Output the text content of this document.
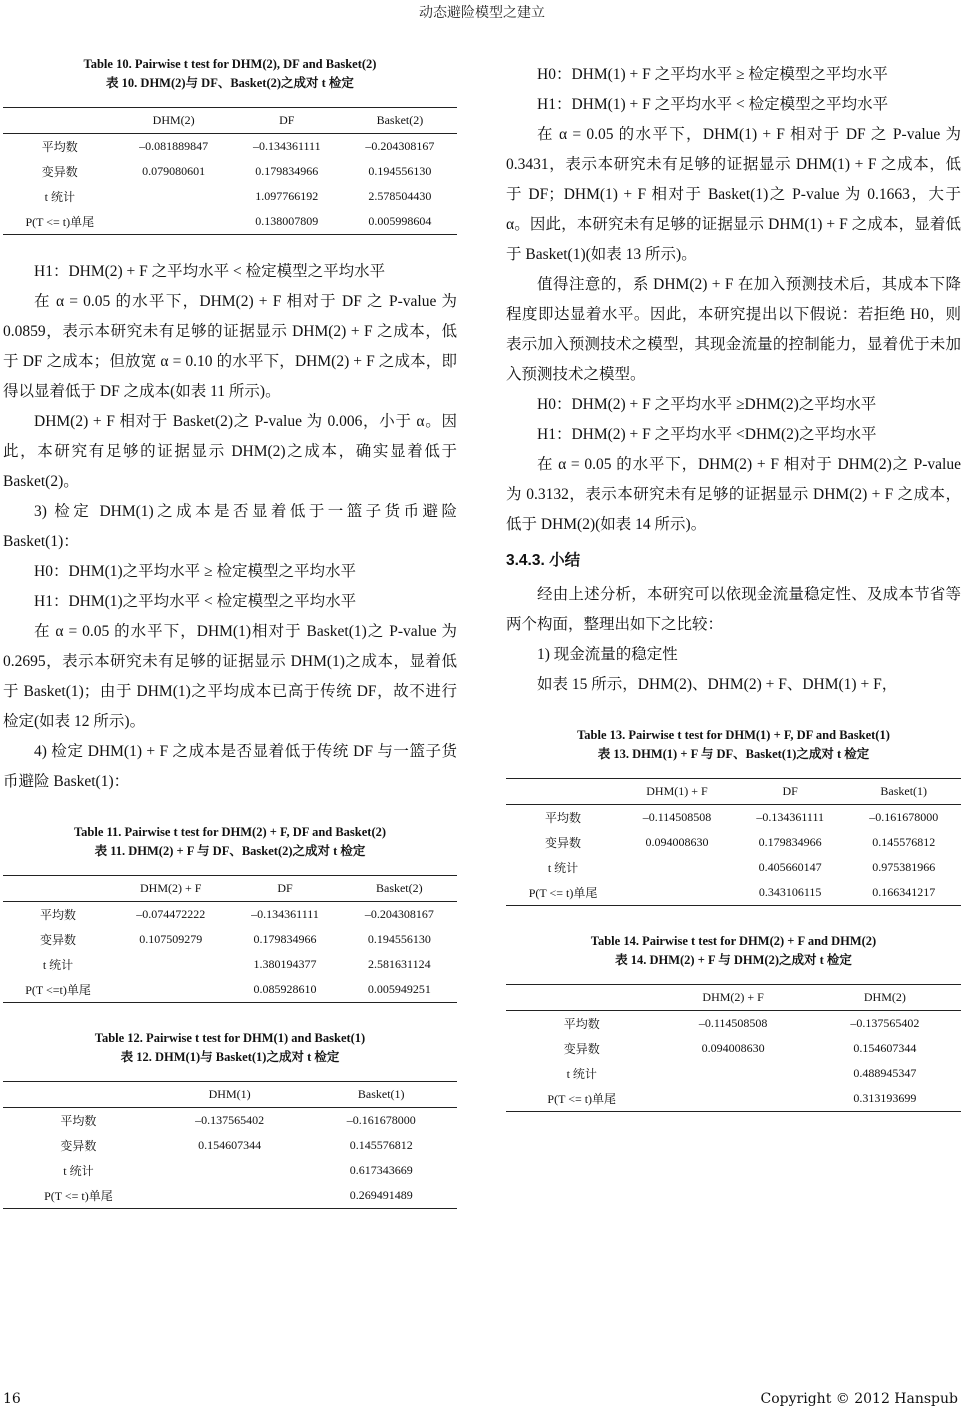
动态避险模型之建立
Table 10. Pairwise t test for DHM(2), DF and Basket(2)
表 10. DHM(2)与 DF、Basket(2)之成对 t 检定
	DHM(2)	DF	Basket(2)
平均数	–0.081889847	–0.134361111	–0.204308167
变异数	0.079080601	0.179834966	0.194556130
t 统计		1.097766192	2.578504430
P(T <= t)单尾		0.138007809	0.005998604

H1：DHM(2) + F 之平均水平 < 检定模型之平均水平

在 α = 0.05 的水平下，DHM(2) + F 相对于 DF 之 P-value 为 0.0859，表示本研究未有足够的证据显示 DHM(2) + F 之成本，低于 DF 之成本；但放宽 α = 0.10 的水平下，DHM(2) + F 之成本，即得以显着低于 DF 之成本(如表 11 所示)。

DHM(2) + F 相对于 Basket(2)之 P-value 为 0.006，小于 α。因此，本研究有足够的证据显示 DHM(2)之成本，确实显着低于 Basket(2)。

3) 检定 DHM(1)之成本是否显着低于一篮子货币避险 Basket(1)：

H0：DHM(1)之平均水平 ≥ 检定模型之平均水平

H1：DHM(1)之平均水平 < 检定模型之平均水平

在 α = 0.05 的水平下，DHM(1)相对于 Basket(1)之 P-value 为 0.2695，表示本研究未有足够的证据显示 DHM(1)之成本，显着低于 Basket(1)；由于 DHM(1)之平均成本已高于传统 DF，故不进行检定(如表 12 所示)。

4) 检定 DHM(1) + F 之成本是否显着低于传统 DF 与一篮子货币避险 Basket(1)：

Table 11. Pairwise t test for DHM(2) + F, DF and Basket(2)
表 11. DHM(2) + F 与 DF、Basket(2)之成对 t 检定
	DHM(2) + F	DF	Basket(2)
平均数	–0.074472222	–0.134361111	–0.204308167
变异数	0.107509279	0.179834966	0.194556130
t 统计		1.380194377	2.581631124
P(T <=t)单尾		0.085928610	0.005949251
Table 12. Pairwise t test for DHM(1) and Basket(1)
表 12. DHM(1)与 Basket(1)之成对 t 检定
	DHM(1)	Basket(1)
平均数	–0.137565402	–0.161678000
变异数	0.154607344	0.145576812
t 统计		0.617343669
P(T <= t)单尾		0.269491489

H0：DHM(1) + F 之平均水平 ≥ 检定模型之平均水平

H1：DHM(1) + F 之平均水平 < 检定模型之平均水平

在 α = 0.05 的水平下，DHM(1) + F 相对于 DF 之 P-value 为 0.3431，表示本研究未有足够的证据显示 DHM(1) + F 之成本，低于 DF；DHM(1) + F 相对于 Basket(1)之 P-value 为 0.1663，大于 α。因此，本研究未有足够的证据显示 DHM(1) + F 之成本，显着低于 Basket(1)(如表 13 所示)。

值得注意的，系 DHM(2) + F 在加入预测技术后，其成本下降程度即达显着水平。因此，本研究提出以下假说：若拒绝 H0，则表示加入预测技术之模型，其现金流量的控制能力，显着优于未加入预测技术之模型。

H0：DHM(2) + F 之平均水平 ≥DHM(2)之平均水平

H1：DHM(2) + F 之平均水平 <DHM(2)之平均水平

在 α = 0.05 的水平下，DHM(2) + F 相对于 DHM(2)之 P-value 为 0.3132，表示本研究未有足够的证据显示 DHM(2) + F 之成本，低于 DHM(2)(如表 14 所示)。

3.4.3. 小结

经由上述分析，本研究可以依现金流量稳定性、及成本节省等两个构面，整理出如下之比较：

1) 现金流量的稳定性

如表 15 所示，DHM(2)、DHM(2) + F、DHM(1) + F，

Table 13. Pairwise t test for DHM(1) + F, DF and Basket(1)
表 13. DHM(1) + F 与 DF、Basket(1)之成对 t 检定
	DHM(1) + F	DF	Basket(1)
平均数	–0.114508508	–0.134361111	–0.161678000
变异数	0.094008630	0.179834966	0.145576812
t 统计		0.405660147	0.975381966
P(T <= t)单尾		0.343106115	0.166341217
Table 14. Pairwise t test for DHM(2) + F and DHM(2)
表 14. DHM(2) + F 与 DHM(2)之成对 t 检定
	DHM(2) + F	DHM(2)
平均数	–0.114508508	–0.137565402
变异数	0.094008630	0.154607344
t 统计		0.488945347
P(T <= t)单尾		0.313193699
16	Copyright © 2012 Hanspub
